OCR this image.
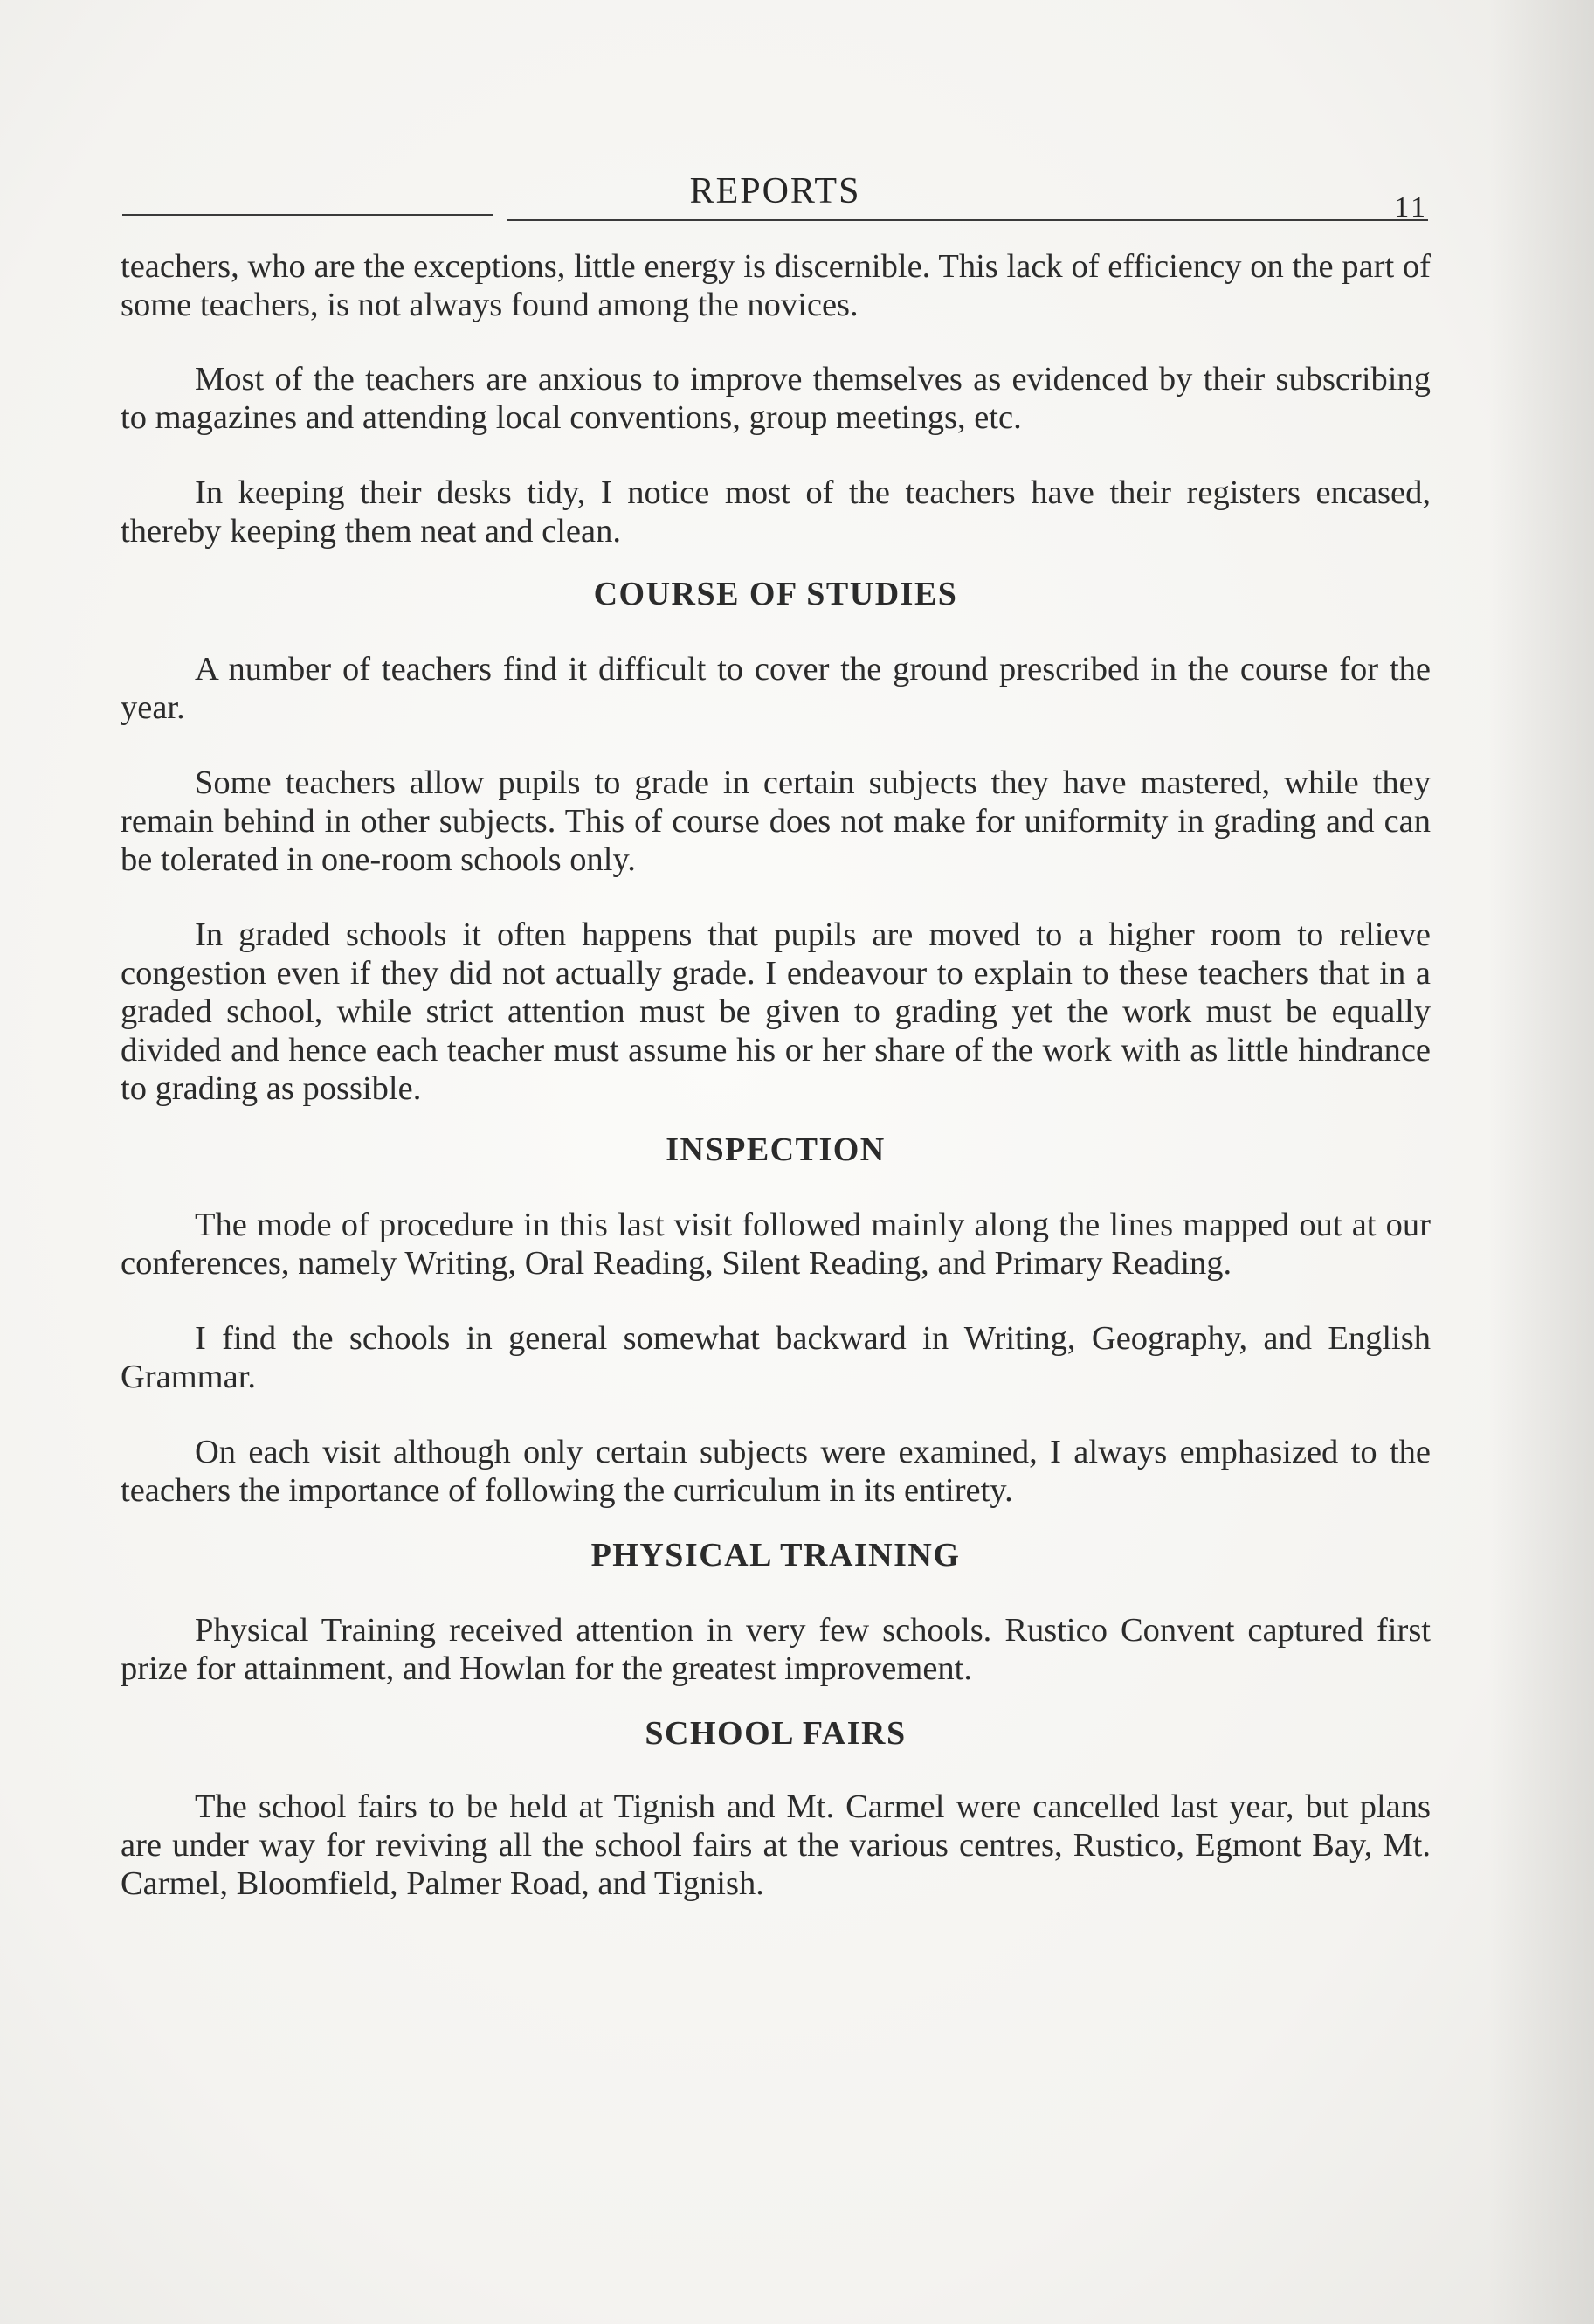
REPORTS	11

teachers, who are the exceptions, little energy is discernible. This lack of efficiency on the part of some teachers, is not always found among the novices.

Most of the teachers are anxious to improve themselves as evidenced by their subscribing to magazines and attending local conventions, group meetings, etc.

In keeping their desks tidy, I notice most of the teachers have their registers encased, thereby keeping them neat and clean.

COURSE OF STUDIES

A number of teachers find it difficult to cover the ground prescribed in the course for the year.

Some teachers allow pupils to grade in certain subjects they have mastered, while they remain behind in other subjects. This of course does not make for uniformity in grading and can be tolerated in one-room schools only.

In graded schools it often happens that pupils are moved to a higher room to relieve congestion even if they did not actually grade. I endeavour to explain to these teachers that in a graded school, while strict attention must be given to grading yet the work must be equally divided and hence each teacher must assume his or her share of the work with as little hindrance to grading as possible.

INSPECTION

The mode of procedure in this last visit followed mainly along the lines mapped out at our conferences, namely Writing, Oral Reading, Silent Reading, and Primary Reading.

I find the schools in general somewhat backward in Writing, Geography, and English Grammar.

On each visit although only certain subjects were examined, I always emphasized to the teachers the importance of following the curriculum in its entirety.

PHYSICAL TRAINING

Physical Training received attention in very few schools. Rustico Convent captured first prize for attainment, and Howlan for the greatest improvement.

SCHOOL FAIRS

The school fairs to be held at Tignish and Mt. Carmel were cancelled last year, but plans are under way for reviving all the school fairs at the various centres, Rustico, Egmont Bay, Mt. Carmel, Bloomfield, Palmer Road, and Tignish.
